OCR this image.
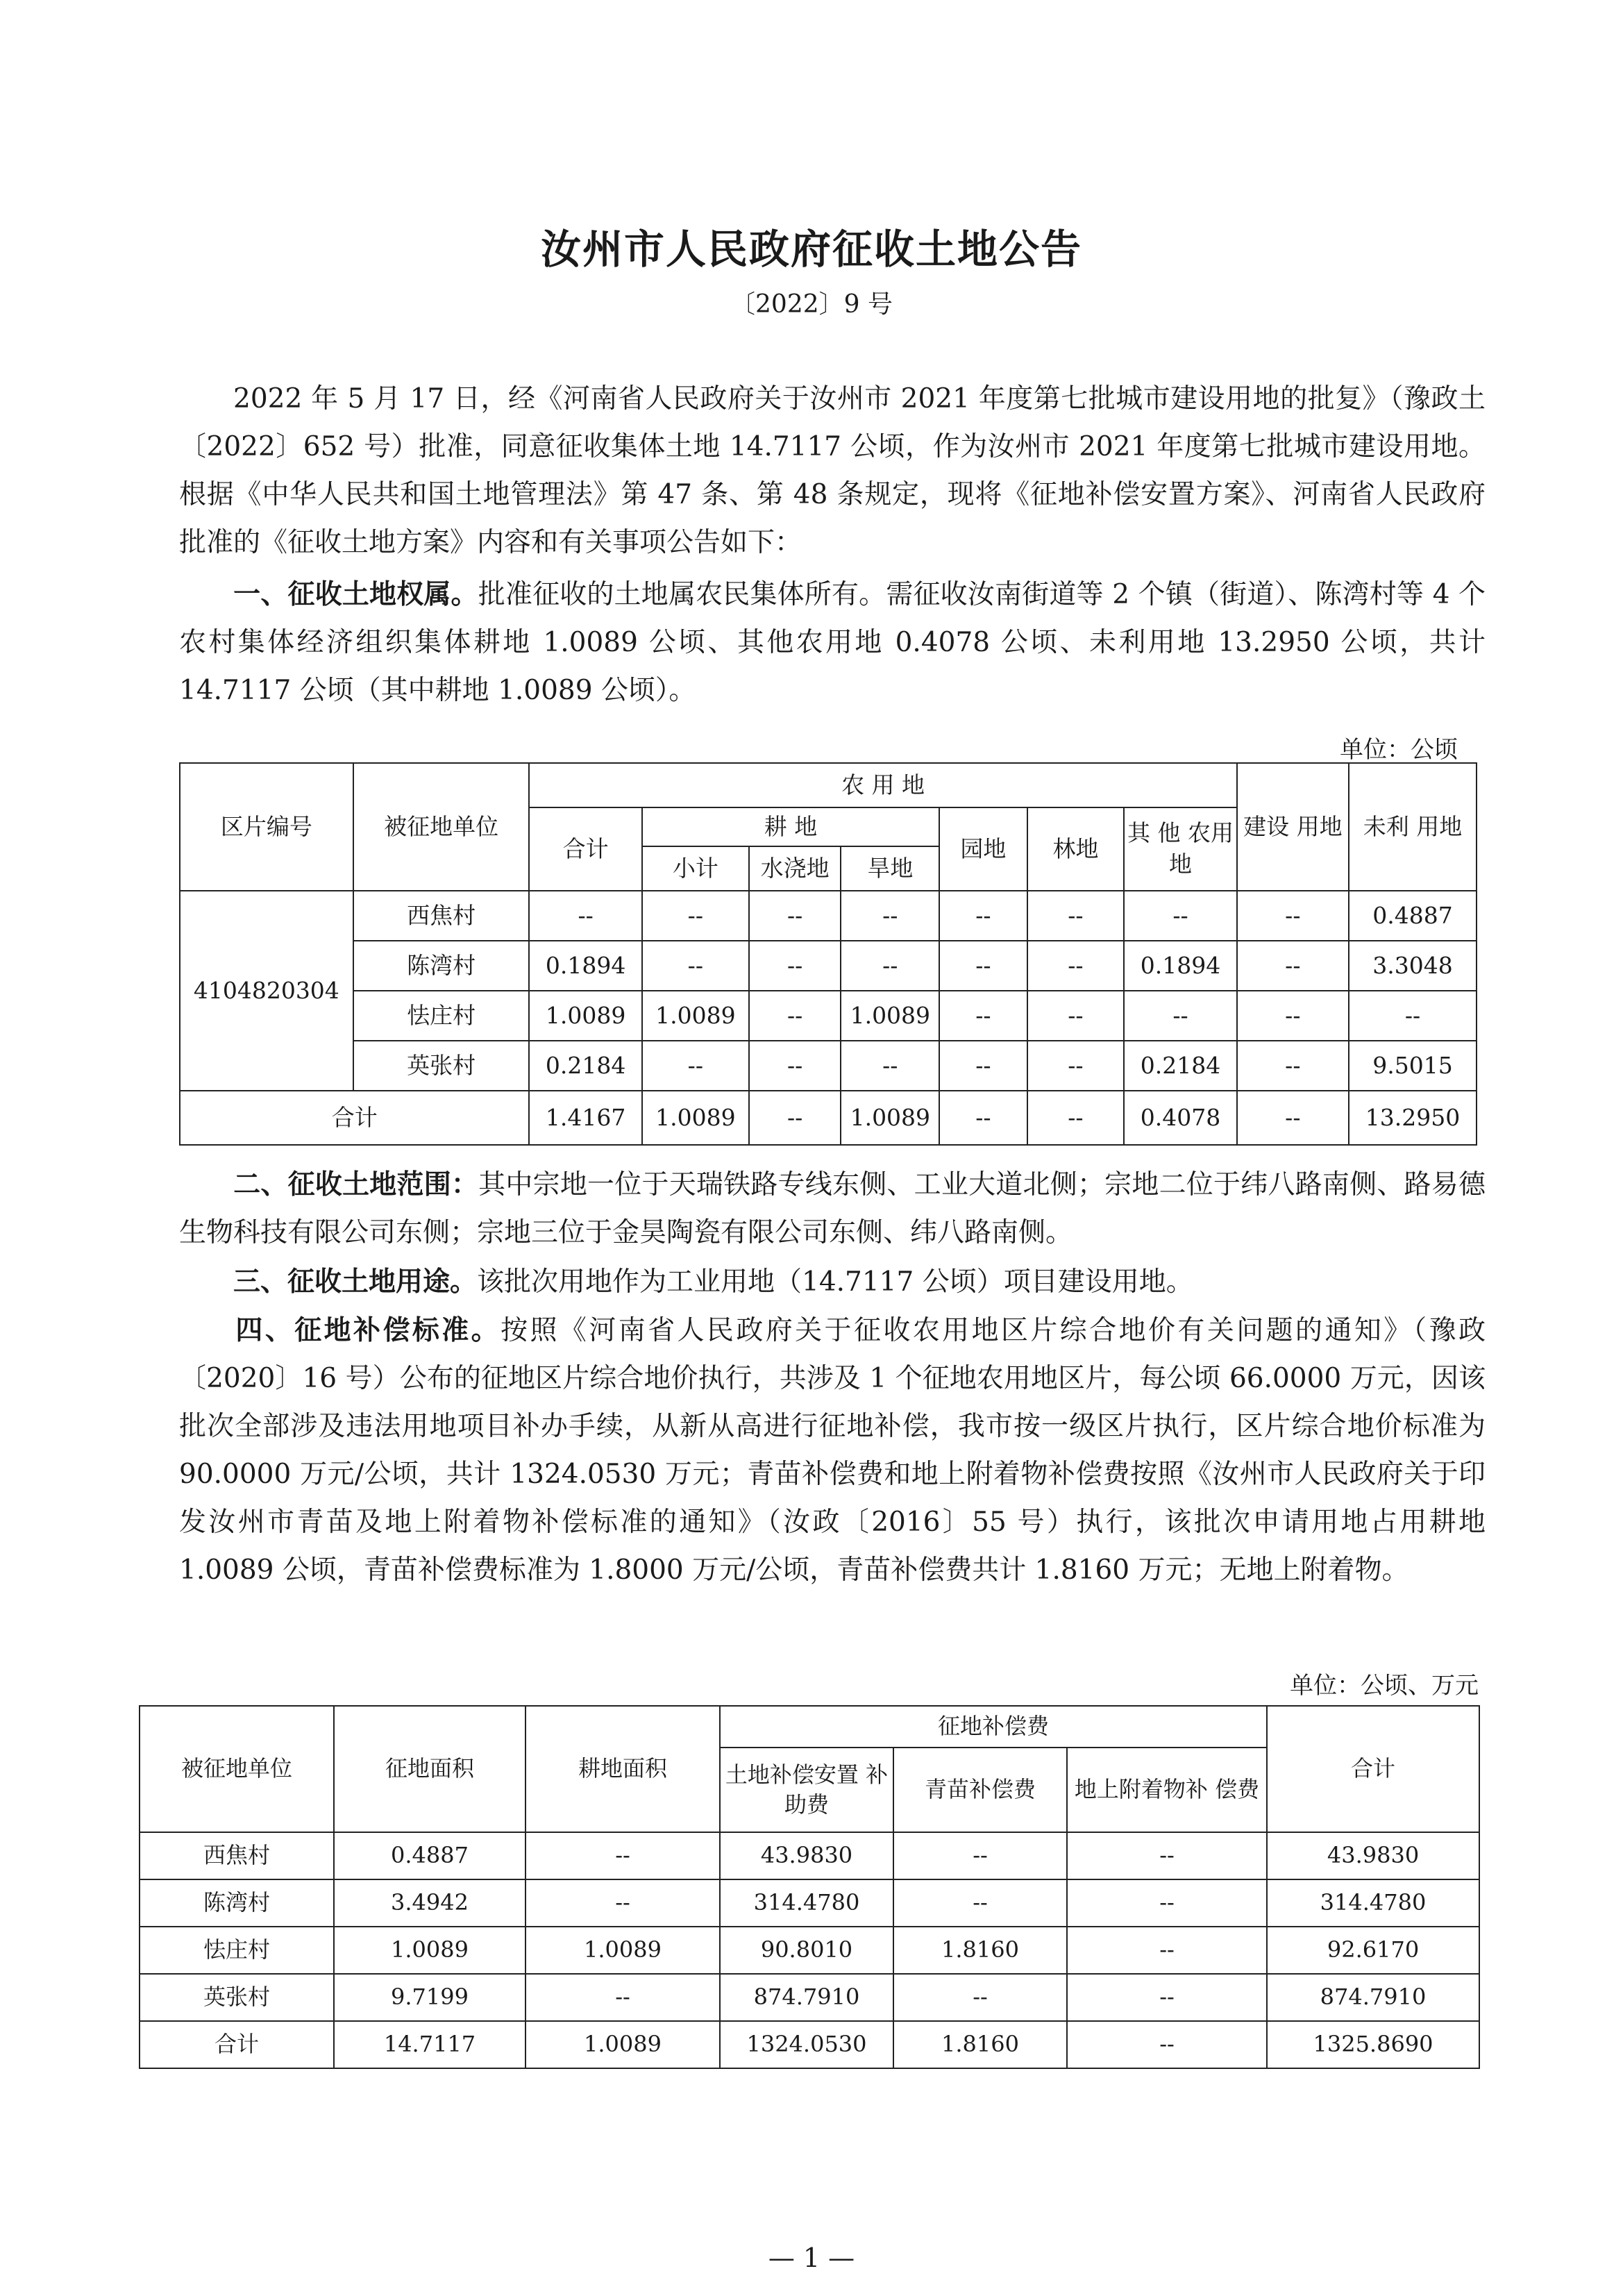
汝州市人民政府征收土地公告
〔2022〕9 号

2022 年 5 月 17 日，经《河南省人民政府关于汝州市 2021 年度第七批城市建设用地的批复》（豫政土〔2022〕652 号）批准，同意征收集体土地 14.7117 公顷，作为汝州市 2021 年度第七批城市建设用地。根据《中华人民共和国土地管理法》第 47 条、第 48 条规定，现将《征地补偿安置方案》、河南省人民政府批准的《征收土地方案》内容和有关事项公告如下：

一、征收土地权属。批准征收的土地属农民集体所有。需征收汝南街道等 2 个镇（街道）、陈湾村等 4 个农村集体经济组织集体耕地 1.0089 公顷、其他农用地 0.4078 公顷、未利用地 13.2950 公顷，共计 14.7117 公顷（其中耕地 1.0089 公顷）。

单位：公顷
区片编号	被征地单位	农 用 地							建设 用地	未利 用地
		合计	耕 地			园地	林地	其 他 农用地		
			小计	水浇地	旱地					
4104820304	西焦村	--	--	--	--	--	--	--	--	0.4887
	陈湾村	0.1894	--	--	--	--	--	0.1894	--	3.3048
	怯庄村	1.0089	1.0089	--	1.0089	--	--	--	--	--
	英张村	0.2184	--	--	--	--	--	0.2184	--	9.5015
合计		1.4167	1.0089	--	1.0089	--	--	0.4078	--	13.2950

二、征收土地范围：其中宗地一位于天瑞铁路专线东侧、工业大道北侧；宗地二位于纬八路南侧、路易德生物科技有限公司东侧；宗地三位于金昊陶瓷有限公司东侧、纬八路南侧。

三、征收土地用途。该批次用地作为工业用地（14.7117 公顷）项目建设用地。

四、征地补偿标准。按照《河南省人民政府关于征收农用地区片综合地价有关问题的通知》（豫政〔2020〕16 号）公布的征地区片综合地价执行，共涉及 1 个征地农用地区片，每公顷 66.0000 万元，因该批次全部涉及违法用地项目补办手续，从新从高进行征地补偿，我市按一级区片执行，区片综合地价标准为 90.0000 万元/公顷，共计 1324.0530 万元；青苗补偿费和地上附着物补偿费按照《汝州市人民政府关于印发汝州市青苗及地上附着物补偿标准的通知》（汝政〔2016〕55 号）执行，该批次申请用地占用耕地 1.0089 公顷，青苗补偿费标准为 1.8000 万元/公顷，青苗补偿费共计 1.8160 万元；无地上附着物。

单位：公顷、万元
被征地单位	征地面积	耕地面积	征地补偿费			合计
			土地补偿安置 补助费	青苗补偿费	地上附着物补 偿费	
西焦村	0.4887	--	43.9830	--	--	43.9830
陈湾村	3.4942	--	314.4780	--	--	314.4780
怯庄村	1.0089	1.0089	90.8010	1.8160	--	92.6170
英张村	9.7199	--	874.7910	--	--	874.7910
合计	14.7117	1.0089	1324.0530	1.8160	--	1325.8690
— 1 —
